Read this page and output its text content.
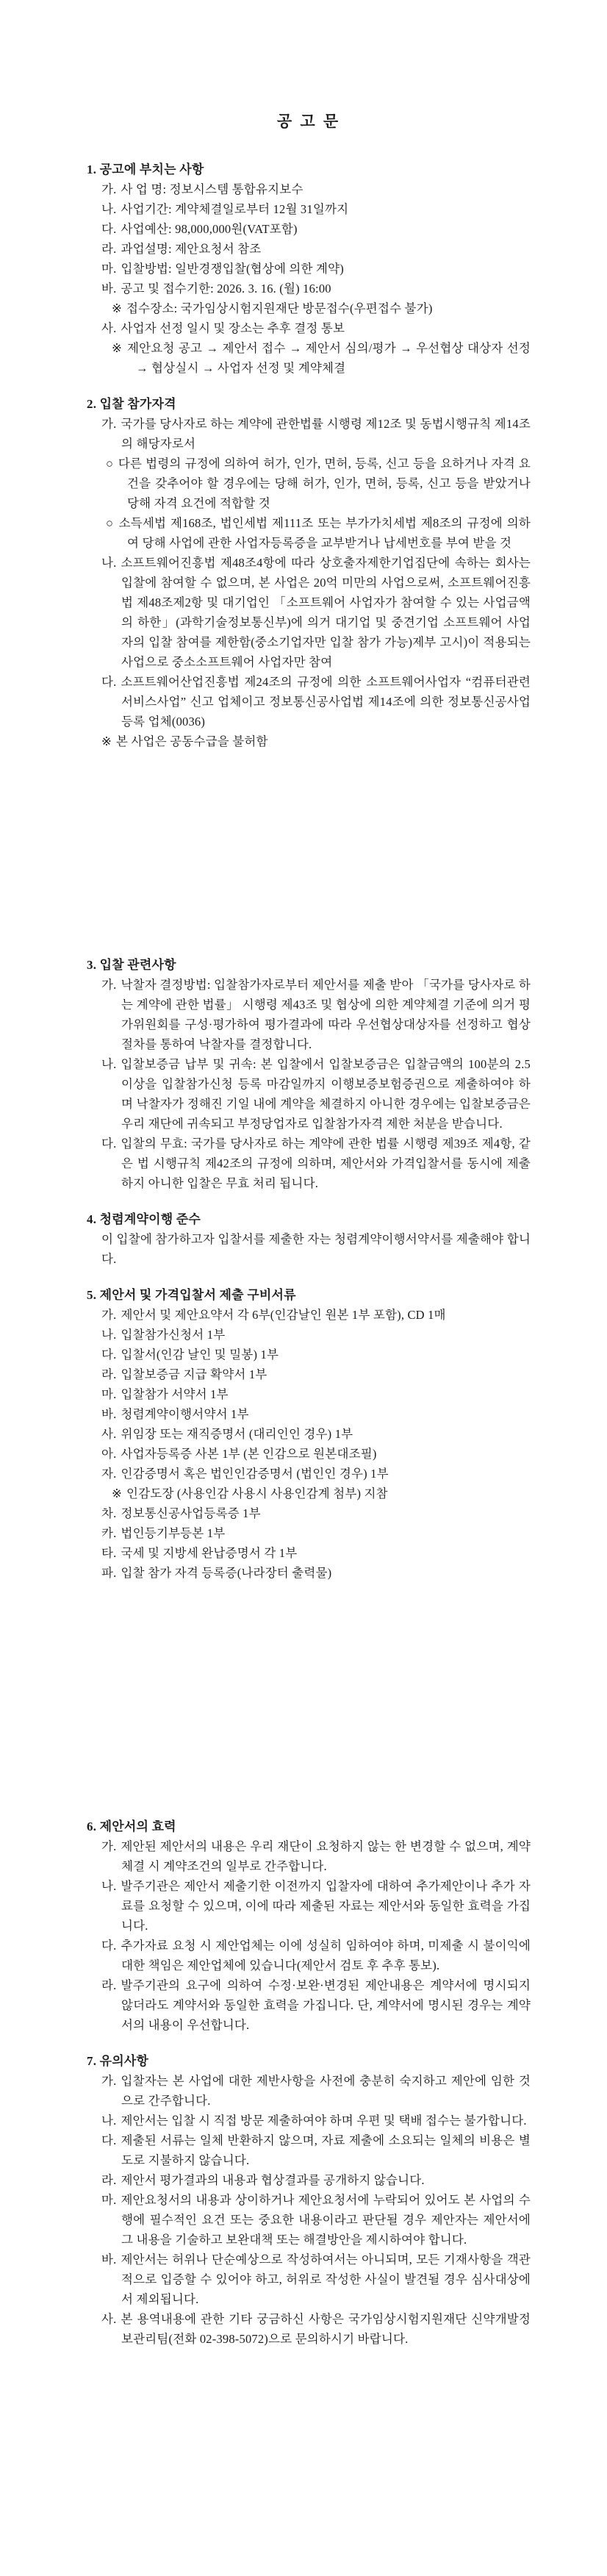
공 고 문
1. 공고에 부치는 사항
가. 사 업 명: 정보시스템 통합유지보수
나. 사업기간: 계약체결일로부터 12월 31일까지
다. 사업예산: 98,000,000원(VAT포함)
라. 과업설명: 제안요청서 참조
마. 입찰방법: 일반경쟁입찰(협상에 의한 계약)
바. 공고 및 접수기한: 2026. 3. 16. (월) 16:00
※ 접수장소: 국가임상시험지원재단 방문접수(우편접수 불가)
사. 사업자 선정 일시 및 장소는 추후 결정 통보
※ 제안요청 공고 → 제안서 접수 → 제안서 심의/평가 → 우선협상 대상자 선정 → 협상실시 → 사업자 선정 및 계약체결
2. 입찰 참가자격
가. 국가를 당사자로 하는 계약에 관한법률 시행령 제12조 및 동법시행규칙 제14조의 해당자로서
○ 다른 법령의 규정에 의하여 허가, 인가, 면허, 등록, 신고 등을 요하거나 자격 요건을 갖추어야 할 경우에는 당해 허가, 인가, 면허, 등록, 신고 등을 받았거나 당해 자격 요건에 적합할 것
○ 소득세법 제168조, 법인세법 제111조 또는 부가가치세법 제8조의 규정에 의하여 당해 사업에 관한 사업자등록증을 교부받거나 납세번호를 부여 받을 것
나. 소프트웨어진흥법 제48조4항에 따라 상호출자제한기업집단에 속하는 회사는 입찰에 참여할 수 없으며, 본 사업은 20억 미만의 사업으로써, 소프트웨어진흥법 제48조제2항 및 대기업인 「소프트웨어 사업자가 참여할 수 있는 사업금액의 하한」(과학기술정보통신부)에 의거 대기업 및 중견기업 소프트웨어 사업자의 입찰 참여를 제한함(중소기업자만 입찰 참가 가능)제부 고시)이 적용되는 사업으로 중소소프트웨어 사업자만 참여
다. 소프트웨어산업진흥법 제24조의 규정에 의한 소프트웨어사업자 “컴퓨터관련 서비스사업” 신고 업체이고 정보통신공사업법 제14조에 의한 정보통신공사업 등록 업체(0036)
※ 본 사업은 공동수급을 불허함
3. 입찰 관련사항
가. 낙찰자 결정방법: 입찰참가자로부터 제안서를 제출 받아 「국가를 당사자로 하는 계약에 관한 법률」 시행령 제43조 및 협상에 의한 계약체결 기준에 의거 평가위원회를 구성·평가하여 평가결과에 따라 우선협상대상자를 선정하고 협상절차를 통하여 낙찰자를 결정합니다.
나. 입찰보증금 납부 및 귀속: 본 입찰에서 입찰보증금은 입찰금액의 100분의 2.5이상을 입찰참가신청 등록 마감일까지 이행보증보험증권으로 제출하여야 하며 낙찰자가 정해진 기일 내에 계약을 체결하지 아니한 경우에는 입찰보증금은 우리 재단에 귀속되고 부정당업자로 입찰참가자격 제한 처분을 받습니다.
다. 입찰의 무효: 국가를 당사자로 하는 계약에 관한 법률 시행령 제39조 제4항, 같은 법 시행규칙 제42조의 규정에 의하며, 제안서와 가격입찰서를 동시에 제출하지 아니한 입찰은 무효 처리 됩니다.
4. 청렴계약이행 준수
이 입찰에 참가하고자 입찰서를 제출한 자는 청렴계약이행서약서를 제출해야 합니다.
5. 제안서 및 가격입찰서 제출 구비서류
가. 제안서 및 제안요약서 각 6부(인감날인 원본 1부 포함), CD 1매
나. 입찰참가신청서 1부
다. 입찰서(인감 날인 및 밀봉) 1부
라. 입찰보증금 지급 확약서 1부
마. 입찰참가 서약서 1부
바. 청렴계약이행서약서 1부
사. 위임장 또는 재직증명서 (대리인인 경우) 1부
아. 사업자등록증 사본 1부 (본 인감으로 원본대조필)
자. 인감증명서 혹은 법인인감증명서 (법인인 경우) 1부
※ 인감도장 (사용인감 사용시 사용인감계 첨부) 지참
차. 정보통신공사업등록증 1부
카. 법인등기부등본 1부
타. 국세 및 지방세 완납증명서 각 1부
파. 입찰 참가 자격 등록증(나라장터 출력물)
6. 제안서의 효력
가. 제안된 제안서의 내용은 우리 재단이 요청하지 않는 한 변경할 수 없으며, 계약체결 시 계약조건의 일부로 간주합니다.
나. 발주기관은 제안서 제출기한 이전까지 입찰자에 대하여 추가제안이나 추가 자료를 요청할 수 있으며, 이에 따라 제출된 자료는 제안서와 동일한 효력을 가집니다.
다. 추가자료 요청 시 제안업체는 이에 성실히 임하여야 하며, 미제출 시 불이익에 대한 책임은 제안업체에 있습니다(제안서 검토 후 추후 통보).
라. 발주기관의 요구에 의하여 수정·보완·변경된 제안내용은 계약서에 명시되지 않더라도 계약서와 동일한 효력을 가집니다. 단, 계약서에 명시된 경우는 계약서의 내용이 우선합니다.
7. 유의사항
가. 입찰자는 본 사업에 대한 제반사항을 사전에 충분히 숙지하고 제안에 임한 것으로 간주합니다.
나. 제안서는 입찰 시 직접 방문 제출하여야 하며 우편 및 택배 접수는 불가합니다.
다. 제출된 서류는 일체 반환하지 않으며, 자료 제출에 소요되는 일체의 비용은 별도로 지불하지 않습니다.
라. 제안서 평가결과의 내용과 협상결과를 공개하지 않습니다.
마. 제안요청서의 내용과 상이하거나 제안요청서에 누락되어 있어도 본 사업의 수행에 필수적인 요건 또는 중요한 내용이라고 판단될 경우 제안자는 제안서에 그 내용을 기술하고 보완대책 또는 해결방안을 제시하여야 합니다.
바. 제안서는 허위나 단순예상으로 작성하여서는 아니되며, 모든 기재사항을 객관적으로 입증할 수 있어야 하고, 허위로 작성한 사실이 발견될 경우 심사대상에서 제외됩니다.
사. 본 용역내용에 관한 기타 궁금하신 사항은 국가임상시험지원재단 신약개발정보관리팀(전화 02-398-5072)으로 문의하시기 바랍니다.
